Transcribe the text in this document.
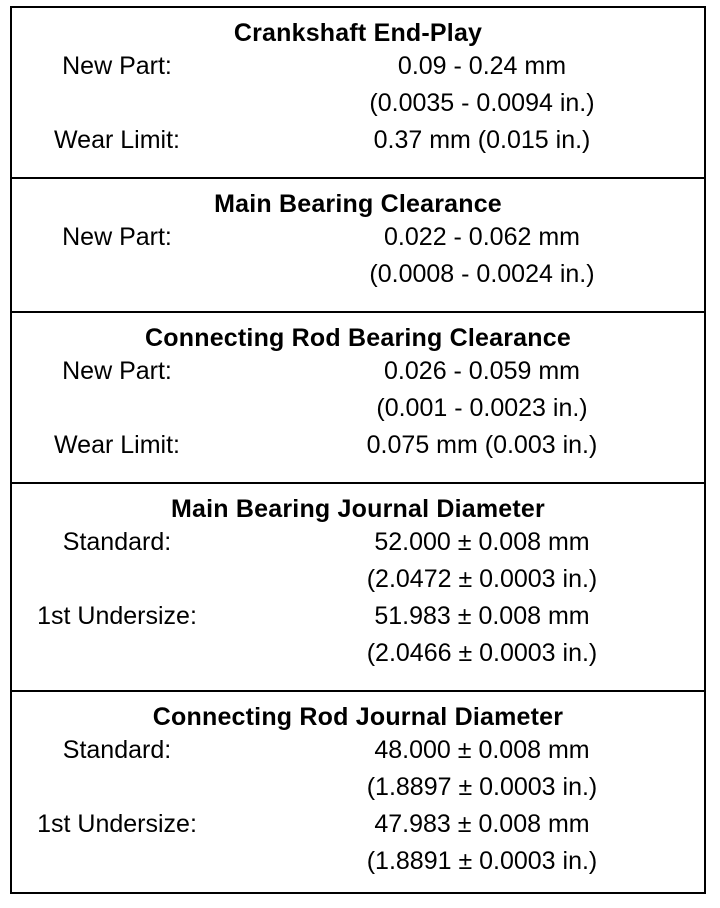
Crankshaft End-Play
New Part:	0.09 - 0.24 mm
(0.0035 - 0.0094 in.)
Wear Limit:	0.37 mm (0.015 in.)
Main Bearing Clearance
New Part:	0.022 - 0.062 mm
(0.0008 - 0.0024 in.)
Connecting Rod Bearing Clearance
New Part:	0.026 - 0.059 mm
(0.001 - 0.0023 in.)
Wear Limit:	0.075 mm (0.003 in.)
Main Bearing Journal Diameter
Standard:	52.000 ± 0.008 mm
(2.0472 ± 0.0003 in.)
1st Undersize:	51.983 ± 0.008 mm
(2.0466 ± 0.0003 in.)
Connecting Rod Journal Diameter
Standard:	48.000 ± 0.008 mm
(1.8897 ± 0.0003 in.)
1st Undersize:	47.983 ± 0.008 mm
(1.8891 ± 0.0003 in.)
